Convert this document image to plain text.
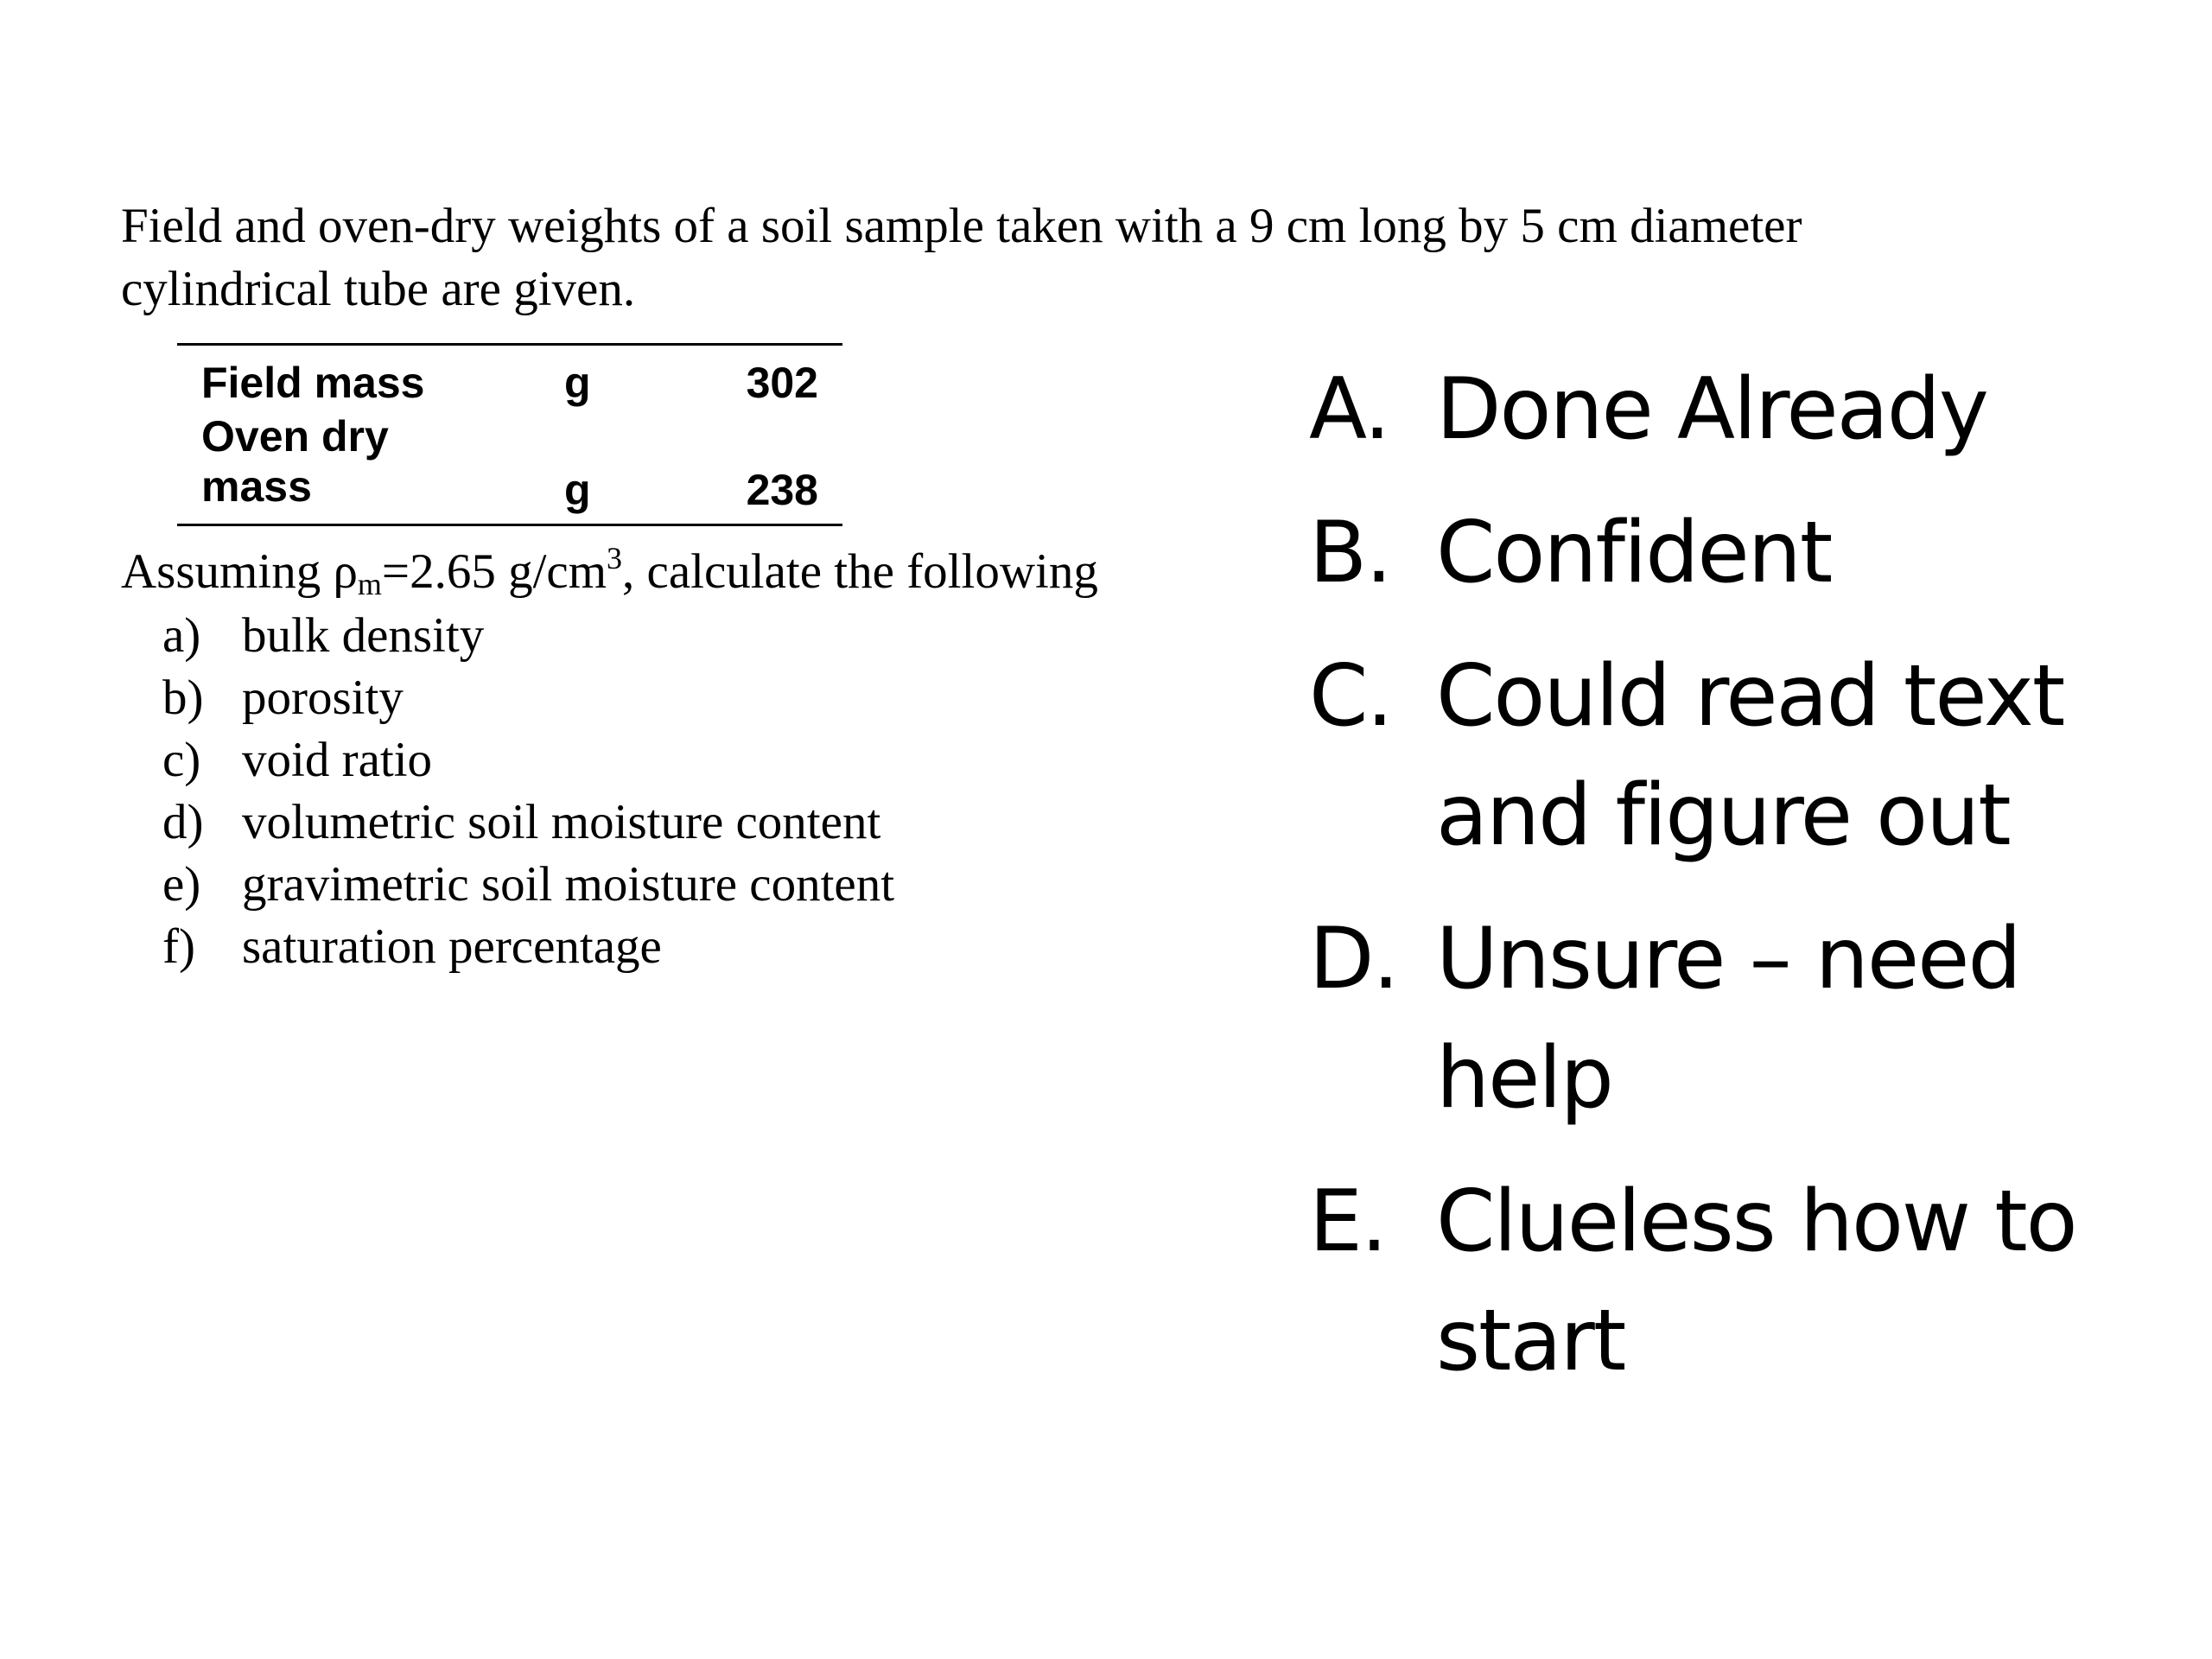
Field and oven-dry weights of a soil sample taken with a 9 cm long by 5 cm diameter cylindrical tube are given.

Field mass	g	302
Oven dry mass	g	238
Assuming $\rho_m=2.65$ $g/cm^3$, calculate the following
a) bulk density
b) porosity
c) void ratio
d) volumetric soil moisture content
e) gravimetric soil moisture content
f) saturation percentage
A. Done Already
B. Confident
C. Could read text and figure out
D. Unsure – need help
E. Clueless how to start
